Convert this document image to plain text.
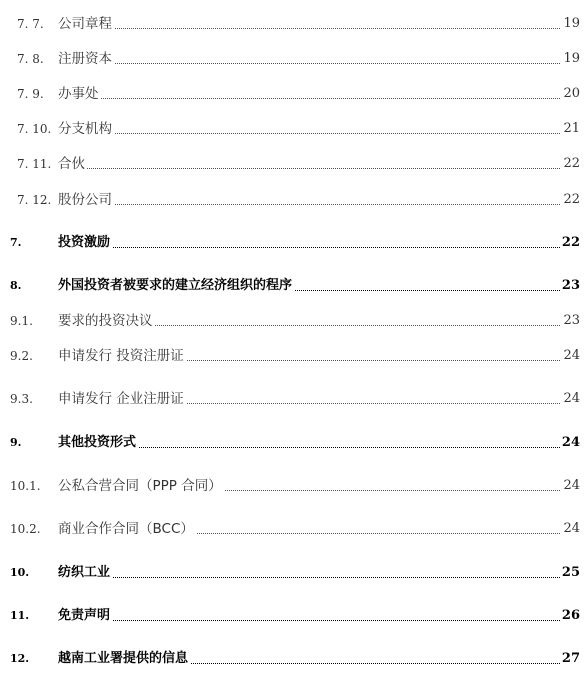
7. 7. 公司章程	19
7. 8. 注册资本	19
7. 9. 办事处	20
7. 10. 分支机构	21
7. 11. 合伙	22
7. 12. 股份公司	22
7.	投资激励	22
8.	外国投资者被要求的建立经济组织的程序	23
9.1. 要求的投资决议	23
9.2. 申请发行 投资注册证	24
9.3. 申请发行 企业注册证	24
9.	其他投资形式	24
10.1. 公私合营合同（PPP 合同）	24
10.2. 商业合作合同（BCC）	24
10. 纺织工业	25
11. 免责声明	26
12. 越南工业署提供的信息	27
